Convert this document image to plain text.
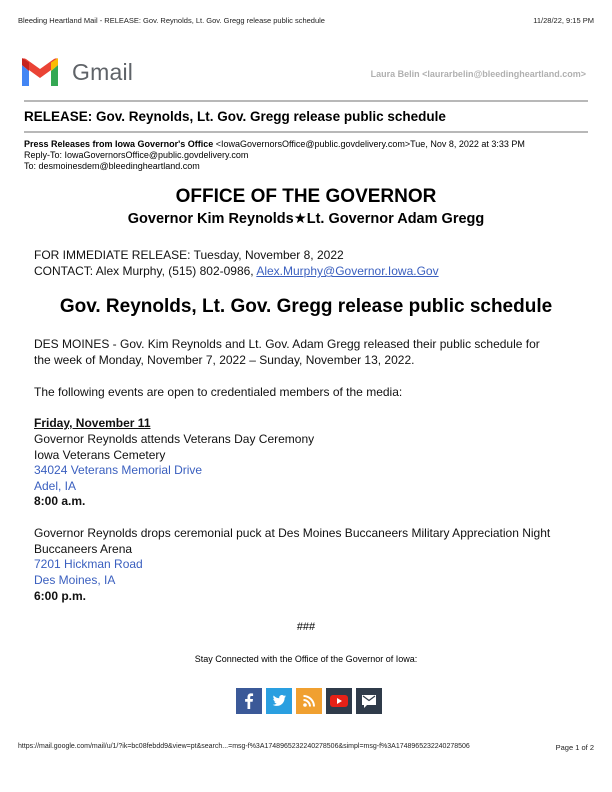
Bleeding Heartland Mail - RELEASE: Gov. Reynolds, Lt. Gov. Gregg release public schedule	11/28/22, 9:15 PM
Gmail	Laura Belin <laurarbelin@bleedingheartland.com>
RELEASE: Gov. Reynolds, Lt. Gov. Gregg release public schedule
Press Releases from Iowa Governor's Office <IowaGovernorsOffice@public.govdelivery.com>Tue, Nov 8, 2022 at 3:33 PM
Reply-To: IowaGovernorsOffice@public.govdelivery.com
To: desmoinesdem@bleedingheartland.com
OFFICE OF THE GOVERNOR
Governor Kim Reynolds★Lt. Governor Adam Gregg
FOR IMMEDIATE RELEASE: Tuesday, November 8, 2022
CONTACT: Alex Murphy, (515) 802-0986, Alex.Murphy@Governor.Iowa.Gov
Gov. Reynolds, Lt. Gov. Gregg release public schedule
DES MOINES - Gov. Kim Reynolds and Lt. Gov. Adam Gregg released their public schedule for
the week of Monday, November 7, 2022 – Sunday, November 13, 2022.
The following events are open to credentialed members of the media:
Friday, November 11
Governor Reynolds attends Veterans Day Ceremony
Iowa Veterans Cemetery
34024 Veterans Memorial Drive
Adel, IA
8:00 a.m.
Governor Reynolds drops ceremonial puck at Des Moines Buccaneers Military Appreciation Night
Buccaneers Arena
7201 Hickman Road
Des Moines, IA
6:00 p.m.
###
Stay Connected with the Office of the Governor of Iowa:
https://mail.google.com/mail/u/1/?ik=bc08febdd9&view=pt&search...=msg-f%3A1748965232240278506&simpl=msg-f%3A1748965232240278506	Page 1 of 2
